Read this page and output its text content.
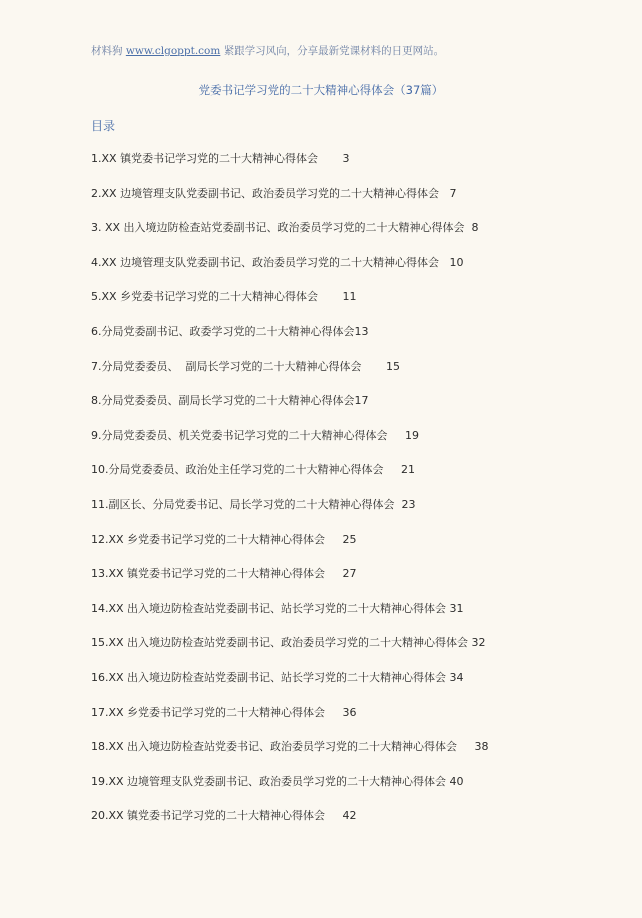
材料狗 www.clgoppt.com 紧跟学习风向，分享最新党课材料的日更网站。
党委书记学习党的二十大精神心得体会（37篇）
目录
1.XX 镇党委书记学习党的二十大精神心得体会       3
2.XX 边境管理支队党委副书记、政治委员学习党的二十大精神心得体会   7
3. XX 出入境边防检查站党委副书记、政治委员学习党的二十大精神心得体会  8
4.XX 边境管理支队党委副书记、政治委员学习党的二十大精神心得体会   10
5.XX 乡党委书记学习党的二十大精神心得体会       11
6.分局党委副书记、政委学习党的二十大精神心得体会13
7.分局党委委员、  副局长学习党的二十大精神心得体会       15
8.分局党委委员、副局长学习党的二十大精神心得体会17
9.分局党委委员、机关党委书记学习党的二十大精神心得体会     19
10.分局党委委员、政治处主任学习党的二十大精神心得体会     21
11.副区长、分局党委书记、局长学习党的二十大精神心得体会  23
12.XX 乡党委书记学习党的二十大精神心得体会     25
13.XX 镇党委书记学习党的二十大精神心得体会     27
14.XX 出入境边防检查站党委副书记、站长学习党的二十大精神心得体会 31
15.XX 出入境边防检查站党委副书记、政治委员学习党的二十大精神心得体会 32
16.XX 出入境边防检查站党委副书记、站长学习党的二十大精神心得体会 34
17.XX 乡党委书记学习党的二十大精神心得体会     36
18.XX 出入境边防检查站党委书记、政治委员学习党的二十大精神心得体会     38
19.XX 边境管理支队党委副书记、政治委员学习党的二十大精神心得体会 40
20.XX 镇党委书记学习党的二十大精神心得体会     42
